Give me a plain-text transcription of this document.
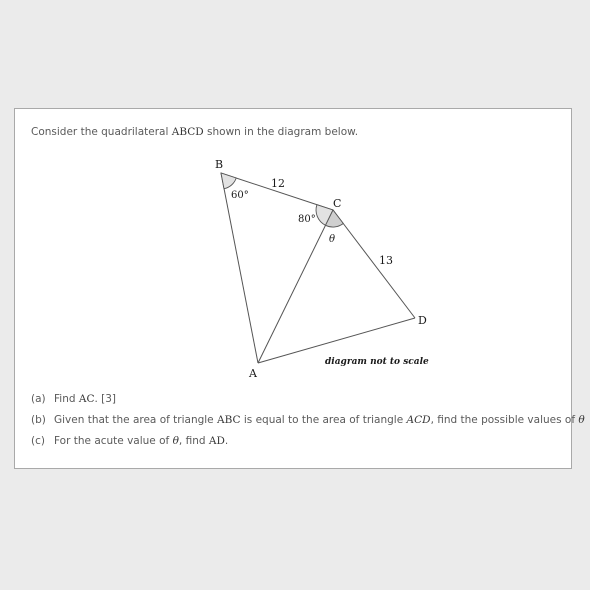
Consider the quadrilateral ABCD shown in the diagram below.
B
C
D
A
12
13
60°
80°
θ
diagram not to scale
(a) Find AC. [3]
(b) Given that the area of triangle ABC is equal to the area of triangle ACD, find the possible values of θ
(c) For the acute value of θ, find AD.
